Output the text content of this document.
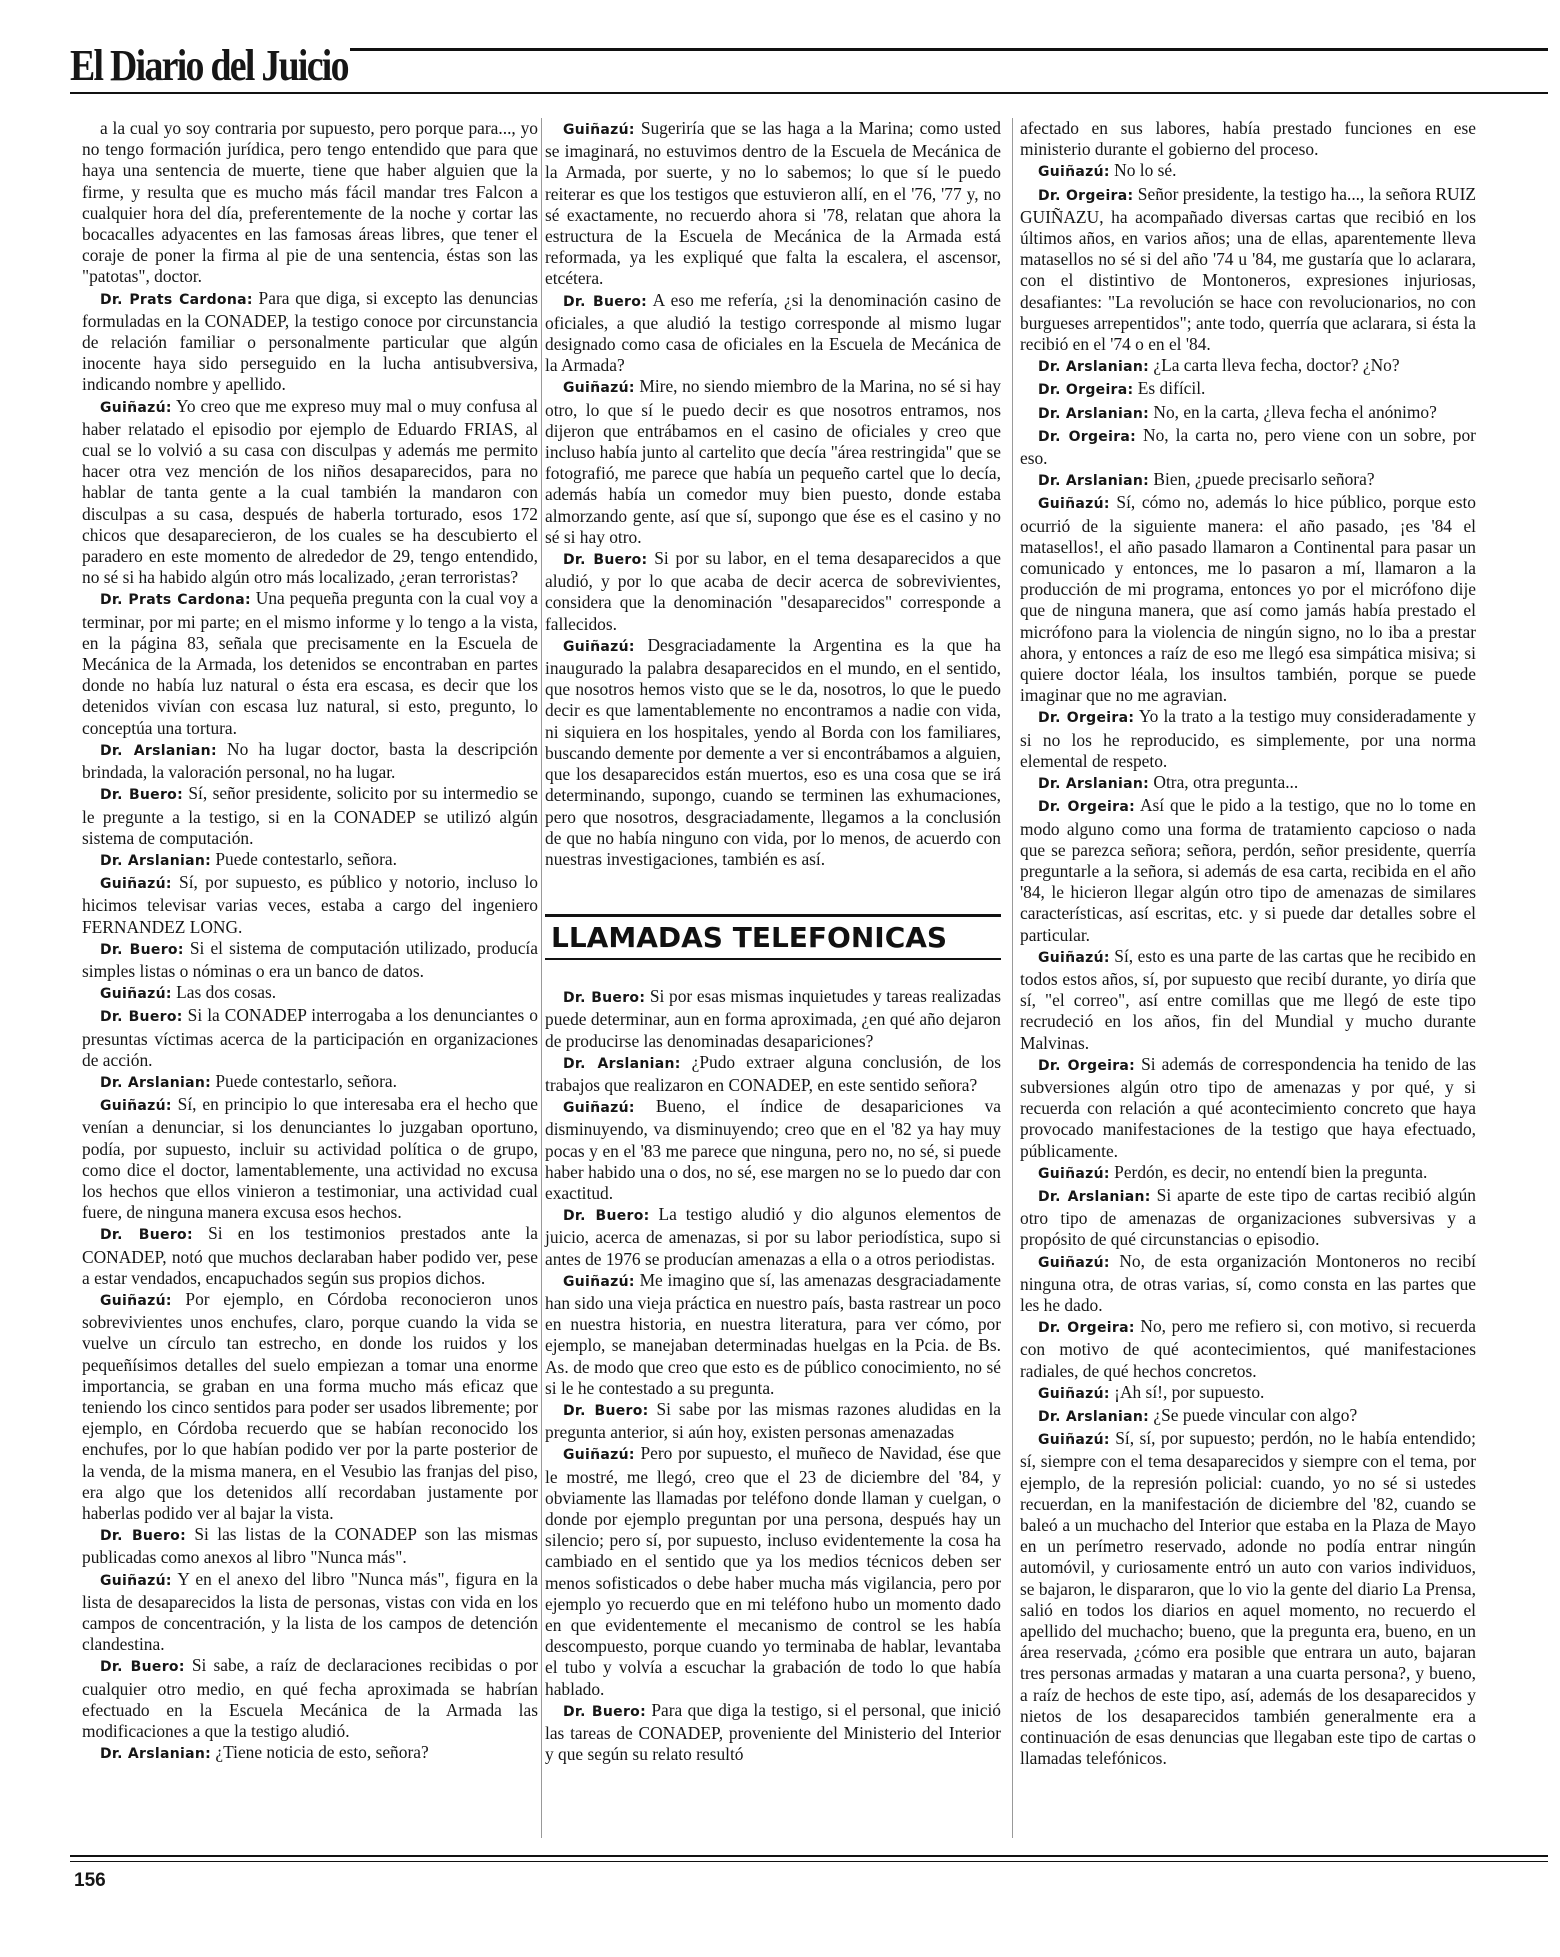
El Diario del Juicio

a la cual yo soy contraria por supuesto, pero porque para..., yo no tengo formación jurídica, pero tengo entendido que para que haya una sentencia de muerte, tiene que haber alguien que la firme, y resulta que es mucho más fácil mandar tres Falcon a cualquier hora del día, preferentemente de la noche y cortar las bocacalles adyacentes en las famosas áreas libres, que tener el coraje de poner la firma al pie de una sentencia, éstas son las "patotas", doctor.

Dr. Prats Cardona: Para que diga, si excepto las denuncias formuladas en la CONADEP, la testigo conoce por circunstancia de relación familiar o personalmente particular que algún inocente haya sido perseguido en la lucha antisubversiva, indicando nombre y apellido.

Guiñazú: Yo creo que me expreso muy mal o muy confusa al haber relatado el episodio por ejemplo de Eduardo FRIAS, al cual se lo volvió a su casa con disculpas y además me permito hacer otra vez mención de los niños desaparecidos, para no hablar de tanta gente a la cual también la mandaron con disculpas a su casa, después de haberla torturado, esos 172 chicos que desaparecieron, de los cuales se ha descubierto el paradero en este momento de alrededor de 29, tengo entendido, no sé si ha habido algún otro más localizado, ¿eran terroristas?

Dr. Prats Cardona: Una pequeña pregunta con la cual voy a terminar, por mi parte; en el mismo informe y lo tengo a la vista, en la página 83, señala que precisamente en la Escuela de Mecánica de la Armada, los detenidos se encontraban en partes donde no había luz natural o ésta era escasa, es decir que los detenidos vivían con escasa luz natural, si esto, pregunto, lo conceptúa una tortura.

Dr. Arslanian: No ha lugar doctor, basta la descripción brindada, la valoración personal, no ha lugar.

Dr. Buero: Sí, señor presidente, solicito por su intermedio se le pregunte a la testigo, si en la CONADEP se utilizó algún sistema de computación.

Dr. Arslanian: Puede contestarlo, señora.

Guiñazú: Sí, por supuesto, es público y notorio, incluso lo hicimos televisar varias veces, estaba a cargo del ingeniero FERNANDEZ LONG.

Dr. Buero: Si el sistema de computación utilizado, producía simples listas o nóminas o era un banco de datos.

Guiñazú: Las dos cosas.

Dr. Buero: Si la CONADEP interrogaba a los denunciantes o presuntas víctimas acerca de la participación en organizaciones de acción.

Dr. Arslanian: Puede contestarlo, señora.

Guiñazú: Sí, en principio lo que interesaba era el hecho que venían a denunciar, si los denunciantes lo juzgaban oportuno, podía, por supuesto, incluir su actividad política o de grupo, como dice el doctor, lamentablemente, una actividad no excusa los hechos que ellos vinieron a testimoniar, una actividad cual fuere, de ninguna manera excusa esos hechos.

Dr. Buero: Si en los testimonios prestados ante la CONADEP, notó que muchos declaraban haber podido ver, pese a estar vendados, encapuchados según sus propios dichos.

Guiñazú: Por ejemplo, en Córdoba reconocieron unos sobrevivientes unos enchufes, claro, porque cuando la vida se vuelve un círculo tan estrecho, en donde los ruidos y los pequeñísimos detalles del suelo empiezan a tomar una enorme importancia, se graban en una forma mucho más eficaz que teniendo los cinco sentidos para poder ser usados libremente; por ejemplo, en Córdoba recuerdo que se habían reconocido los enchufes, por lo que habían podido ver por la parte posterior de la venda, de la misma manera, en el Vesubio las franjas del piso, era algo que los detenidos allí recordaban justamente por haberlas podido ver al bajar la vista.

Dr. Buero: Si las listas de la CONADEP son las mismas publicadas como anexos al libro "Nunca más".

Guiñazú: Y en el anexo del libro "Nunca más", figura en la lista de desaparecidos la lista de personas, vistas con vida en los campos de concentración, y la lista de los campos de detención clandestina.

Dr. Buero: Si sabe, a raíz de declaraciones recibidas o por cualquier otro medio, en qué fecha aproximada se habrían efectuado en la Escuela Mecánica de la Armada las modificaciones a que la testigo aludió.

Dr. Arslanian: ¿Tiene noticia de esto, señora?

Guiñazú: Sugeriría que se las haga a la Marina; como usted se imaginará, no estuvimos dentro de la Escuela de Mecánica de la Armada, por suerte, y no lo sabemos; lo que sí le puedo reiterar es que los testigos que estuvieron allí, en el '76, '77 y, no sé exactamente, no recuerdo ahora si '78, relatan que ahora la estructura de la Escuela de Mecánica de la Armada está reformada, ya les expliqué que falta la escalera, el ascensor, etcétera.

Dr. Buero: A eso me refería, ¿si la denominación casino de oficiales, a que aludió la testigo corresponde al mismo lugar designado como casa de oficiales en la Escuela de Mecánica de la Armada?

Guiñazú: Mire, no siendo miembro de la Marina, no sé si hay otro, lo que sí le puedo decir es que nosotros entramos, nos dijeron que entrábamos en el casino de oficiales y creo que incluso había junto al cartelito que decía "área restringida" que se fotografió, me parece que había un pequeño cartel que lo decía, además había un comedor muy bien puesto, donde estaba almorzando gente, así que sí, supongo que ése es el casino y no sé si hay otro.

Dr. Buero: Si por su labor, en el tema desaparecidos a que aludió, y por lo que acaba de decir acerca de sobrevivientes, considera que la denominación "desaparecidos" corresponde a fallecidos.

Guiñazú: Desgraciadamente la Argentina es la que ha inaugurado la palabra desaparecidos en el mundo, en el sentido, que nosotros hemos visto que se le da, nosotros, lo que le puedo decir es que lamentablemente no encontramos a nadie con vida, ni siquiera en los hospitales, yendo al Borda con los familiares, buscando demente por demente a ver si encontrábamos a alguien, que los desaparecidos están muertos, eso es una cosa que se irá determinando, supongo, cuando se terminen las exhumaciones, pero que nosotros, desgraciadamente, llegamos a la conclusión de que no había ninguno con vida, por lo menos, de acuerdo con nuestras investigaciones, también es así.

LLAMADAS TELEFONICAS

Dr. Buero: Si por esas mismas inquietudes y tareas realizadas puede determinar, aun en forma aproximada, ¿en qué año dejaron de producirse las denominadas desapariciones?

Dr. Arslanian: ¿Pudo extraer alguna conclusión, de los trabajos que realizaron en CONADEP, en este sentido señora?

Guiñazú: Bueno, el índice de desapariciones va disminuyendo, va disminuyendo; creo que en el '82 ya hay muy pocas y en el '83 me parece que ninguna, pero no, no sé, si puede haber habido una o dos, no sé, ese margen no se lo puedo dar con exactitud.

Dr. Buero: La testigo aludió y dio algunos elementos de juicio, acerca de amenazas, si por su labor periodística, supo si antes de 1976 se producían amenazas a ella o a otros periodistas.

Guiñazú: Me imagino que sí, las amenazas desgraciadamente han sido una vieja práctica en nuestro país, basta rastrear un poco en nuestra historia, en nuestra literatura, para ver cómo, por ejemplo, se manejaban determinadas huelgas en la Pcia. de Bs. As. de modo que creo que esto es de público conocimiento, no sé si le he contestado a su pregunta.

Dr. Buero: Si sabe por las mismas razones aludidas en la pregunta anterior, si aún hoy, existen personas amenazadas

Guiñazú: Pero por supuesto, el muñeco de Navidad, ése que le mostré, me llegó, creo que el 23 de diciembre del '84, y obviamente las llamadas por teléfono donde llaman y cuelgan, o donde por ejemplo preguntan por una persona, después hay un silencio; pero sí, por supuesto, incluso evidentemente la cosa ha cambiado en el sentido que ya los medios técnicos deben ser menos sofisticados o debe haber mucha más vigilancia, pero por ejemplo yo recuerdo que en mi teléfono hubo un momento dado en que evidentemente el mecanismo de control se les había descompuesto, porque cuando yo terminaba de hablar, levantaba el tubo y volvía a escuchar la grabación de todo lo que había hablado.

Dr. Buero: Para que diga la testigo, si el personal, que inició las tareas de CONADEP, proveniente del Ministerio del Interior y que según su relato resultó

afectado en sus labores, había prestado funciones en ese ministerio durante el gobierno del proceso.

Guiñazú: No lo sé.

Dr. Orgeira: Señor presidente, la testigo ha..., la señora RUIZ GUIÑAZU, ha acompañado diversas cartas que recibió en los últimos años, en varios años; una de ellas, aparentemente lleva matasellos no sé si del año '74 u '84, me gustaría que lo aclarara, con el distintivo de Montoneros, expresiones injuriosas, desafiantes: "La revolución se hace con revolucionarios, no con burgueses arrepentidos"; ante todo, querría que aclarara, si ésta la recibió en el '74 o en el '84.

Dr. Arslanian: ¿La carta lleva fecha, doctor? ¿No?

Dr. Orgeira: Es difícil.

Dr. Arslanian: No, en la carta, ¿lleva fecha el anónimo?

Dr. Orgeira: No, la carta no, pero viene con un sobre, por eso.

Dr. Arslanian: Bien, ¿puede precisarlo señora?

Guiñazú: Sí, cómo no, además lo hice público, porque esto ocurrió de la siguiente manera: el año pasado, ¡es '84 el matasellos!, el año pasado llamaron a Continental para pasar un comunicado y entonces, me lo pasaron a mí, llamaron a la producción de mi programa, entonces yo por el micrófono dije que de ninguna manera, que así como jamás había prestado el micrófono para la violencia de ningún signo, no lo iba a prestar ahora, y entonces a raíz de eso me llegó esa simpática misiva; si quiere doctor léala, los insultos también, porque se puede imaginar que no me agravian.

Dr. Orgeira: Yo la trato a la testigo muy consideradamente y si no los he reproducido, es simplemente, por una norma elemental de respeto.

Dr. Arslanian: Otra, otra pregunta...

Dr. Orgeira: Así que le pido a la testigo, que no lo tome en modo alguno como una forma de tratamiento capcioso o nada que se parezca señora; señora, perdón, señor presidente, querría preguntarle a la señora, si además de esa carta, recibida en el año '84, le hicieron llegar algún otro tipo de amenazas de similares características, así escritas, etc. y si puede dar detalles sobre el particular.

Guiñazú: Sí, esto es una parte de las cartas que he recibido en todos estos años, sí, por supuesto que recibí durante, yo diría que sí, "el correo", así entre comillas que me llegó de este tipo recrudeció en los años, fin del Mundial y mucho durante Malvinas.

Dr. Orgeira: Si además de correspondencia ha tenido de las subversiones algún otro tipo de amenazas y por qué, y si recuerda con relación a qué acontecimiento concreto que haya provocado manifestaciones de la testigo que haya efectuado, públicamente.

Guiñazú: Perdón, es decir, no entendí bien la pregunta.

Dr. Arslanian: Si aparte de este tipo de cartas recibió algún otro tipo de amenazas de organizaciones subversivas y a propósito de qué circunstancias o episodio.

Guiñazú: No, de esta organización Montoneros no recibí ninguna otra, de otras varias, sí, como consta en las partes que les he dado.

Dr. Orgeira: No, pero me refiero si, con motivo, si recuerda con motivo de qué acontecimientos, qué manifestaciones radiales, de qué hechos concretos.

Guiñazú: ¡Ah sí!, por supuesto.

Dr. Arslanian: ¿Se puede vincular con algo?

Guiñazú: Sí, sí, por supuesto; perdón, no le había entendido; sí, siempre con el tema desaparecidos y siempre con el tema, por ejemplo, de la represión policial: cuando, yo no sé si ustedes recuerdan, en la manifestación de diciembre del '82, cuando se baleó a un muchacho del Interior que estaba en la Plaza de Mayo en un perímetro reservado, adonde no podía entrar ningún automóvil, y curiosamente entró un auto con varios individuos, se bajaron, le dispararon, que lo vio la gente del diario La Prensa, salió en todos los diarios en aquel momento, no recuerdo el apellido del muchacho; bueno, que la pregunta era, bueno, en un área reservada, ¿cómo era posible que entrara un auto, bajaran tres personas armadas y mataran a una cuarta persona?, y bueno, a raíz de hechos de este tipo, así, además de los desaparecidos y nietos de los desaparecidos también generalmente era a continuación de esas denuncias que llegaban este tipo de cartas o llamadas telefónicos.

156
